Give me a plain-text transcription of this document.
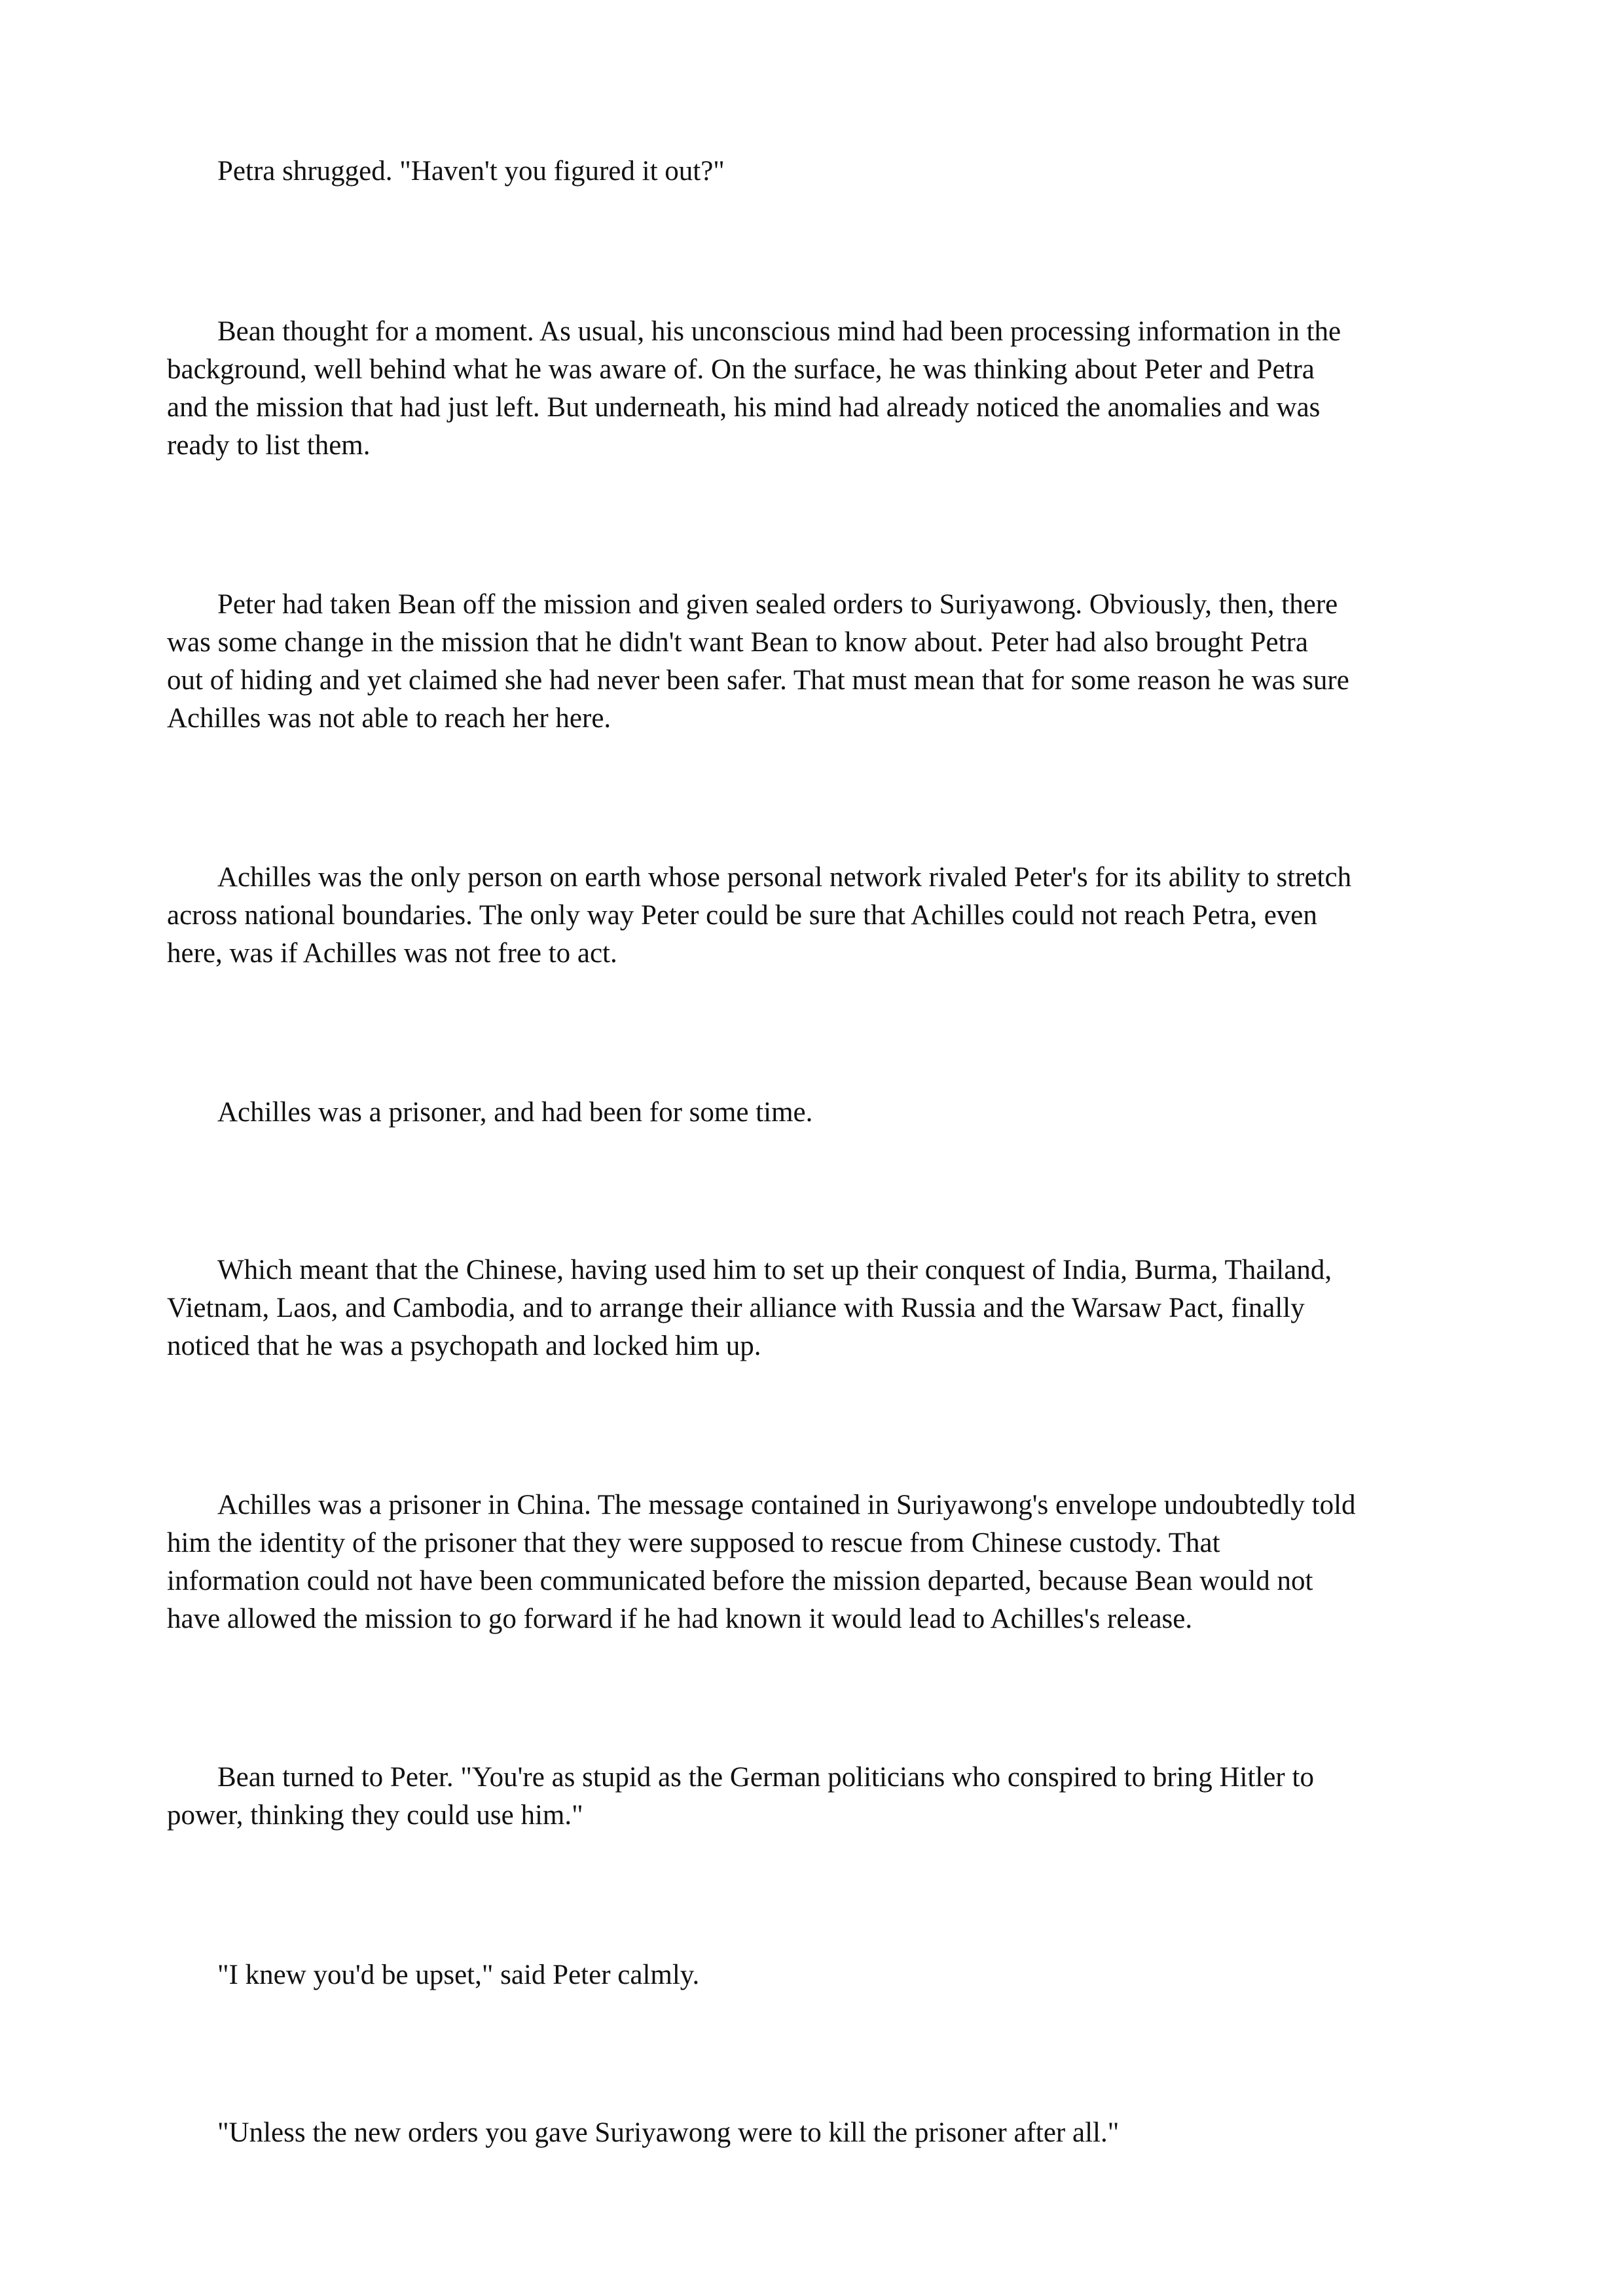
Petra shrugged. "Haven't you figured it out?"

Bean thought for a moment. As usual, his unconscious mind had been processing information in the
background, well behind what he was aware of. On the surface, he was thinking about Peter and Petra
and the mission that had just left. But underneath, his mind had already noticed the anomalies and was
ready to list them.

Peter had taken Bean off the mission and given sealed orders to Suriyawong. Obviously, then, there
was some change in the mission that he didn't want Bean to know about. Peter had also brought Petra
out of hiding and yet claimed she had never been safer. That must mean that for some reason he was sure
Achilles was not able to reach her here.

Achilles was the only person on earth whose personal network rivaled Peter's for its ability to stretch
across national boundaries. The only way Peter could be sure that Achilles could not reach Petra, even
here, was if Achilles was not free to act.

Achilles was a prisoner, and had been for some time.

Which meant that the Chinese, having used him to set up their conquest of India, Burma, Thailand,
Vietnam, Laos, and Cambodia, and to arrange their alliance with Russia and the Warsaw Pact, finally
noticed that he was a psychopath and locked him up.

Achilles was a prisoner in China. The message contained in Suriyawong's envelope undoubtedly told
him the identity of the prisoner that they were supposed to rescue from Chinese custody. That
information could not have been communicated before the mission departed, because Bean would not
have allowed the mission to go forward if he had known it would lead to Achilles's release.

Bean turned to Peter. "You're as stupid as the German politicians who conspired to bring Hitler to
power, thinking they could use him."

"I knew you'd be upset," said Peter calmly.

"Unless the new orders you gave Suriyawong were to kill the prisoner after all."
